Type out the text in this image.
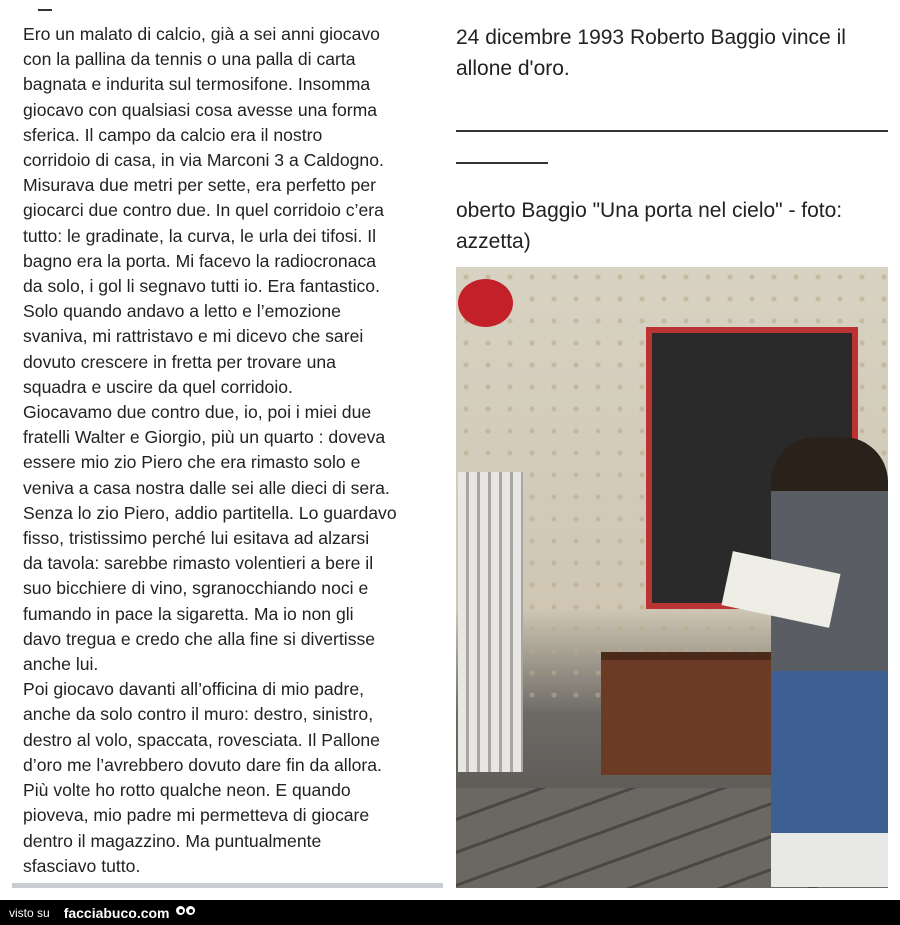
Ero un malato di calcio, già a sei anni giocavo
con la pallina da tennis o una palla di carta
bagnata e indurita sul termosifone. Insomma
giocavo con qualsiasi cosa avesse una forma
sferica. Il campo da calcio era il nostro
corridoio di casa, in via Marconi 3 a Caldogno.
Misurava due metri per sette, era perfetto per
giocarci due contro due. In quel corridoio c’era
tutto: le gradinate, la curva, le urla dei tifosi. Il
bagno era la porta. Mi facevo la radiocronaca
da solo, i gol li segnavo tutti io. Era fantastico.
Solo quando andavo a letto e l’emozione
svaniva, mi rattristavo e mi dicevo che sarei
dovuto crescere in fretta per trovare una
squadra e uscire da quel corridoio.
Giocavamo due contro due, io, poi i miei due
fratelli Walter e Giorgio, più un quarto : doveva
essere mio zio Piero che era rimasto solo e
veniva a casa nostra dalle sei alle dieci di sera.
Senza lo zio Piero, addio partitella. Lo guardavo
fisso, tristissimo perché lui esitava ad alzarsi
da tavola: sarebbe rimasto volentieri a bere il
suo bicchiere di vino, sgranocchiando noci e
fumando in pace la sigaretta. Ma io non gli
davo tregua e credo che alla fine si divertisse
anche lui.
Poi giocavo davanti all’officina di mio padre,
anche da solo contro il muro: destro, sinistro,
destro al volo, spaccata, rovesciata. Il Pallone
d’oro me l’avrebbero dovuto dare fin da allora.
Più volte ho rotto qualche neon. E quando
pioveva, mio padre mi permetteva di giocare
dentro il magazzino. Ma puntualmente
sfasciavo tutto.
24 dicembre 1993 Roberto Baggio vince il
allone d'oro.
oberto Baggio "Una porta nel cielo" - foto:
azzetta)
visto su facciabuco.com
